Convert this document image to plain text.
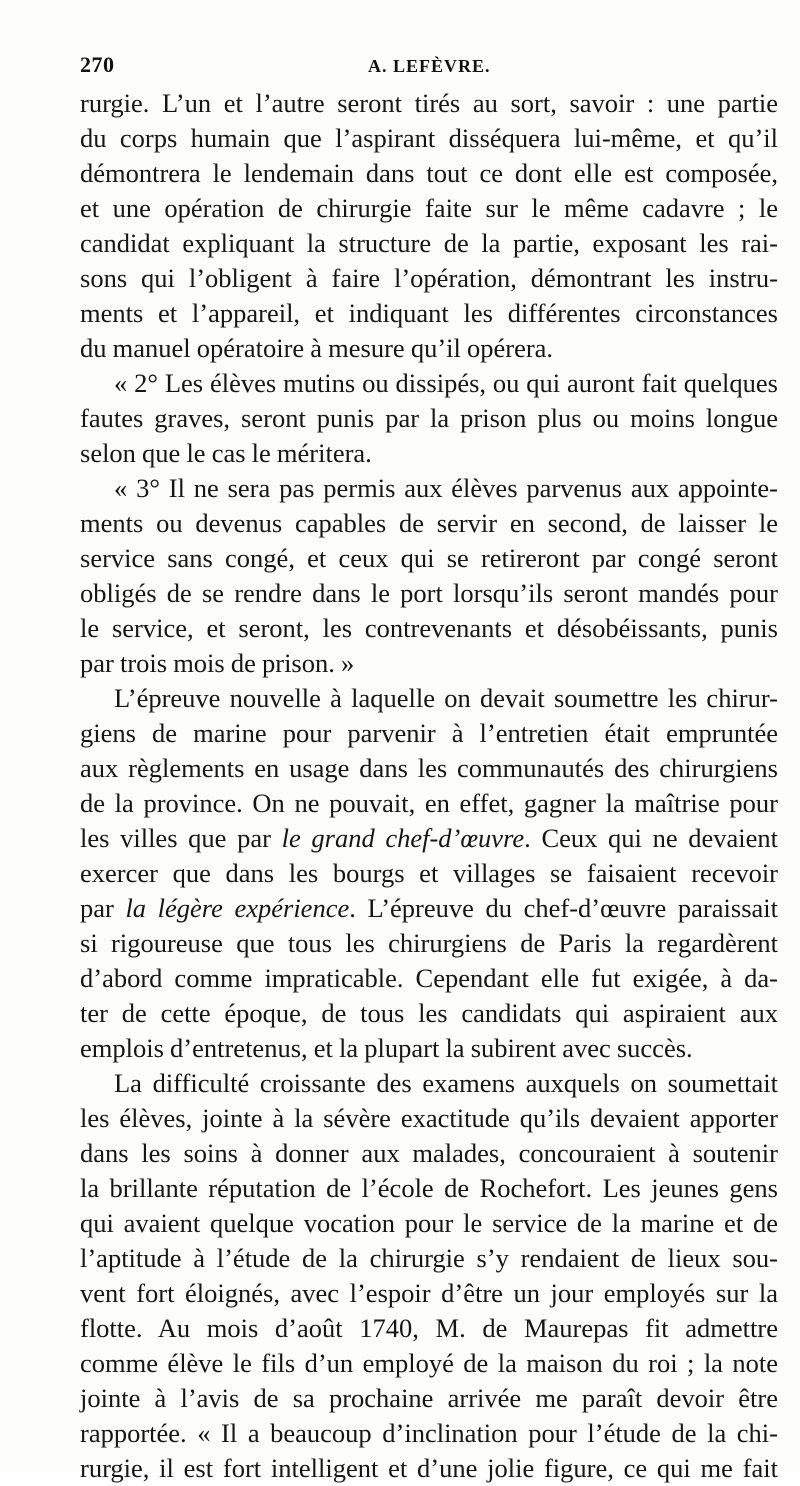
270	A. LEFÈVRE.
rurgie. L’un et l’autre seront tirés au sort, savoir : une partie
du corps humain que l’aspirant disséquera lui-même, et qu’il
démontrera le lendemain dans tout ce dont elle est composée,
et une opération de chirurgie faite sur le même cadavre ; le
candidat expliquant la structure de la partie, exposant les rai-
sons qui l’obligent à faire l’opération, démontrant les instru-
ments et l’appareil, et indiquant les différentes circonstances
du manuel opératoire à mesure qu’il opérera.
« 2° Les élèves mutins ou dissipés, ou qui auront fait quelques
fautes graves, seront punis par la prison plus ou moins longue
selon que le cas le méritera.
« 3° Il ne sera pas permis aux élèves parvenus aux appointe-
ments ou devenus capables de servir en second, de laisser le
service sans congé, et ceux qui se retireront par congé seront
obligés de se rendre dans le port lorsqu’ils seront mandés pour
le service, et seront, les contrevenants et désobéissants, punis
par trois mois de prison. »
L’épreuve nouvelle à laquelle on devait soumettre les chirur-
giens de marine pour parvenir à l’entretien était empruntée
aux règlements en usage dans les communautés des chirurgiens
de la province. On ne pouvait, en effet, gagner la maîtrise pour
les villes que par le grand chef-d’œuvre. Ceux qui ne devaient
exercer que dans les bourgs et villages se faisaient recevoir
par la légère expérience. L’épreuve du chef-d’œuvre paraissait
si rigoureuse que tous les chirurgiens de Paris la regardèrent
d’abord comme impraticable. Cependant elle fut exigée, à da-
ter de cette époque, de tous les candidats qui aspiraient aux
emplois d’entretenus, et la plupart la subirent avec succès.
La difficulté croissante des examens auxquels on soumettait
les élèves, jointe à la sévère exactitude qu’ils devaient apporter
dans les soins à donner aux malades, concouraient à soutenir
la brillante réputation de l’école de Rochefort. Les jeunes gens
qui avaient quelque vocation pour le service de la marine et de
l’aptitude à l’étude de la chirurgie s’y rendaient de lieux sou-
vent fort éloignés, avec l’espoir d’être un jour employés sur la
flotte. Au mois d’août 1740, M. de Maurepas fit admettre
comme élève le fils d’un employé de la maison du roi ; la note
jointe à l’avis de sa prochaine arrivée me paraît devoir être
rapportée. « Il a beaucoup d’inclination pour l’étude de la chi-
rurgie, il est fort intelligent et d’une jolie figure, ce qui me fait
